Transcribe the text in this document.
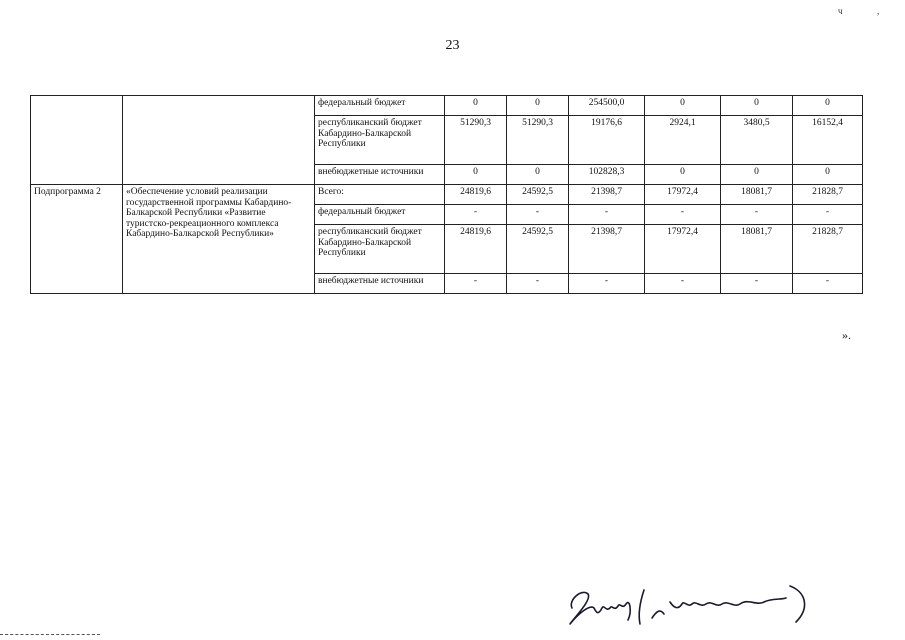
23
ч	,
		федеральный бюджет	0	0	254500,0	0	0	0
		республиканский бюджет Кабардино-Балкарской Республики	51290,3	51290,3	19176,6	2924,1	3480,5	16152,4
		внебюджетные источники	0	0	102828,3	0	0	0
Подпрограмма 2	«Обеспечение условий реализации государственной программы Кабардино-Балкарской Республики «Развитие туристско-рекреационного комплекса Кабардино-Балкарской Республики»	Всего:	24819,6	24592,5	21398,7	17972,4	18081,7	21828,7
		федеральный бюджет	-	-	-	-	-	-
		республиканский бюджет Кабардино-Балкарской Республики	24819,6	24592,5	21398,7	17972,4	18081,7	21828,7
		внебюджетные источники	-	-	-	-	-	-
».
